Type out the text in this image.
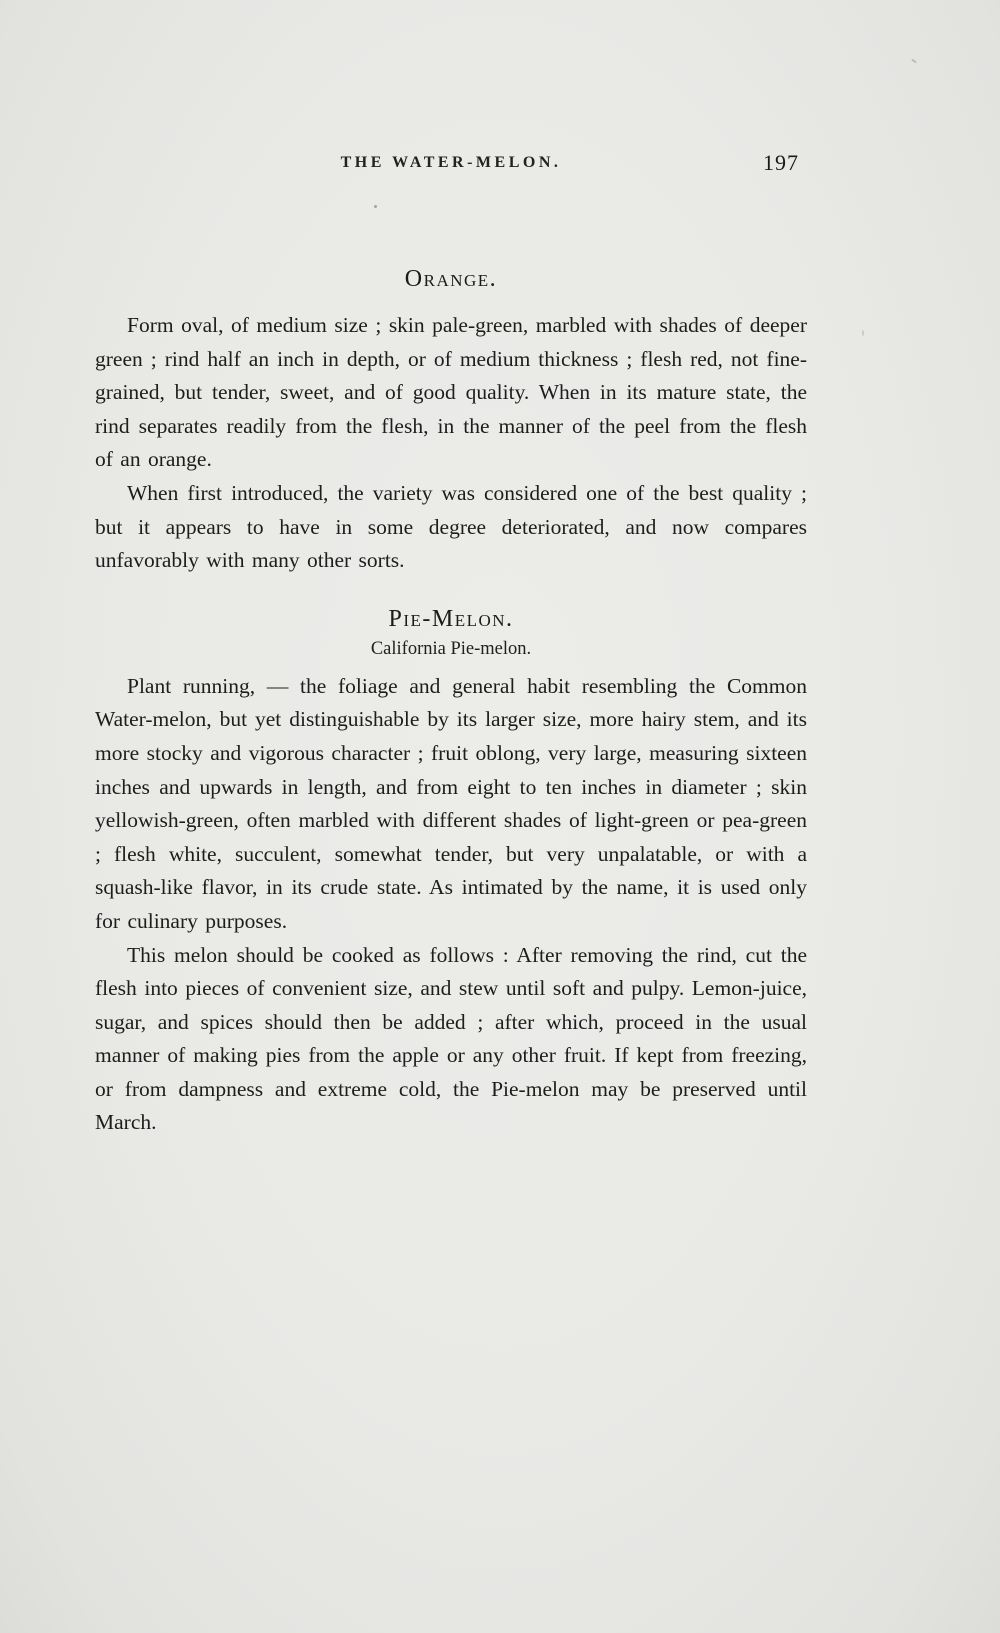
THE WATER-MELON.	197
Orange.

Form oval, of medium size ; skin pale-green, marbled with shades of deeper green ; rind half an inch in depth, or of medium thickness ; flesh red, not fine-grained, but tender, sweet, and of good quality. When in its mature state, the rind separates readily from the flesh, in the manner of the peel from the flesh of an orange.

When first introduced, the variety was considered one of the best quality ; but it appears to have in some degree deteriorated, and now compares unfavorably with many other sorts.

Pie-Melon.

California Pie-melon.

Plant running, — the foliage and general habit resembling the Common Water-melon, but yet distinguishable by its larger size, more hairy stem, and its more stocky and vigorous character ; fruit oblong, very large, measuring sixteen inches and upwards in length, and from eight to ten inches in diameter ; skin yellowish-green, often marbled with different shades of light-green or pea-green ; flesh white, succulent, somewhat tender, but very unpalatable, or with a squash-like flavor, in its crude state. As intimated by the name, it is used only for culinary purposes.

This melon should be cooked as follows : After removing the rind, cut the flesh into pieces of convenient size, and stew until soft and pulpy. Lemon-juice, sugar, and spices should then be added ; after which, proceed in the usual manner of making pies from the apple or any other fruit. If kept from freezing, or from dampness and extreme cold, the Pie-melon may be preserved until March.
